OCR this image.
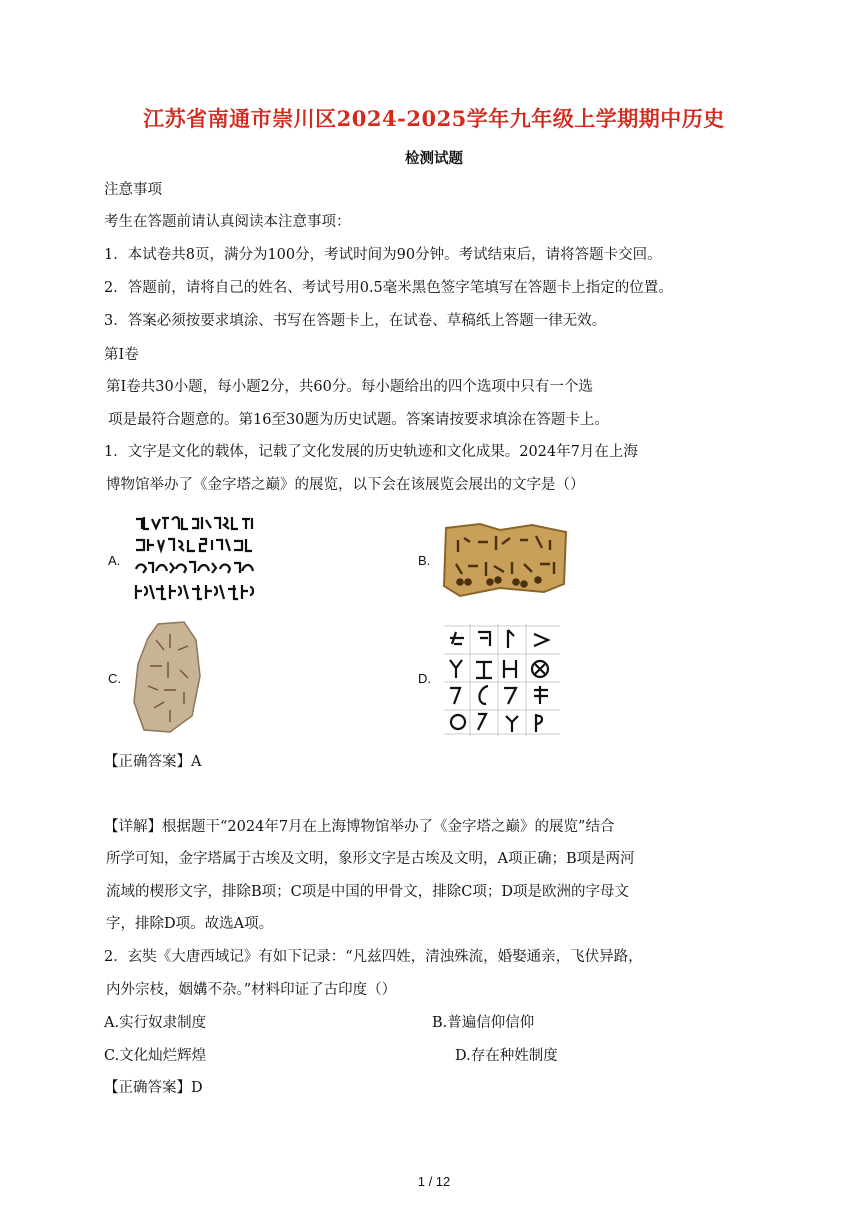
江苏省南通市崇川区2024-2025学年九年级上学期期中历史
检测试题
注意事项
考生在答题前请认真阅读本注意事项：
1．本试卷共8页，满分为100分，考试时间为90分钟。考试结束后，请将答题卡交回。
2．答题前，请将自己的姓名、考试号用0.5毫米黑色签字笔填写在答题卡上指定的位置。
3．答案必须按要求填涂、书写在答题卡上，在试卷、草稿纸上答题一律无效。
第Ⅰ卷
第Ⅰ卷共30小题，每小题2分，共60分。每小题给出的四个选项中只有一个选
项是最符合题意的。第16至30题为历史试题。答案请按要求填涂在答题卡上。
1．文字是文化的载体，记载了文化发展的历史轨迹和文化成果。2024年7月在上海
博物馆举办了《金字塔之巅》的展览，以下会在该展览会展出的文字是（）
A.	B.
C.	D.
【正确答案】A
【详解】根据题干“2024年7月在上海博物馆举办了《金字塔之巅》的展览”结合
所学可知，金字塔属于古埃及文明，象形文字是古埃及文明，A项正确；B项是两河
流域的楔形文字，排除B项；C项是中国的甲骨文，排除C项；D项是欧洲的字母文
字，排除D项。故选A项。
2．玄奘《大唐西域记》有如下记录：“凡兹四姓，清浊殊流，婚娶通亲，飞伏异路，
内外宗枝，姻媾不杂。”材料印证了古印度（）
A.实行奴隶制度	B.普遍信仰信仰
C.文化灿烂辉煌	D.存在种姓制度
【正确答案】D
1 / 12
